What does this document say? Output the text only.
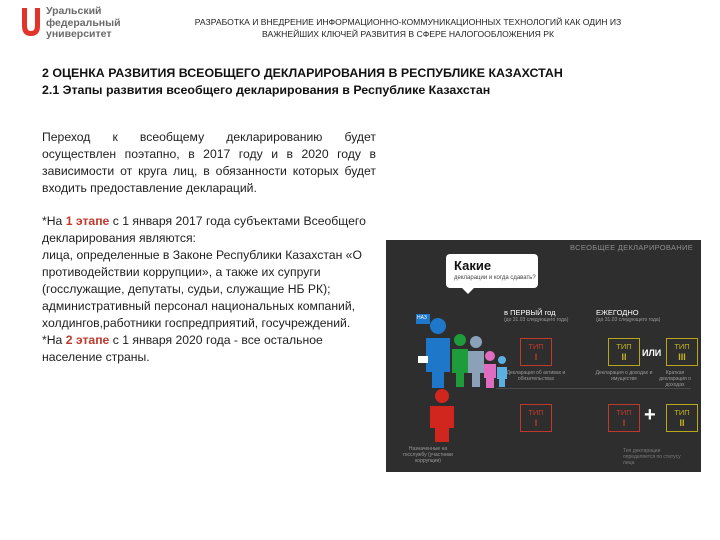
Уральский
федеральный
университет
РАЗРАБОТКА И ВНЕДРЕНИЕ ИНФОРМАЦИОННО-КОММУНИКАЦИОННЫХ ТЕХНОЛОГИЙ КАК ОДИН ИЗ
ВАЖНЕЙШИХ КЛЮЧЕЙ РАЗВИТИЯ В СФЕРЕ НАЛОГООБЛОЖЕНИЯ РК
2 ОЦЕНКА РАЗВИТИЯ ВСЕОБЩЕГО ДЕКЛАРИРОВАНИЯ В РЕСПУБЛИКЕ КАЗАХСТАН
2.1 Этапы развития всеобщего декларирования в Республике Казахстан
Переход к всеобщему декларированию будет осуществлен поэтапно, в 2017 году и в 2020 году в зависимости от круга лиц, в обязанности которых будет входить предоставление деклараций.
*На 1 этапе с 1 января 2017 года субъектами Всеобщего декларирования являются:
лица, определенные в Законе Республики Казахстан «О противодействии коррупции», а также их супруги (госслужащие, депутаты, судьи, служащие НБ РК);
административный персонал национальных компаний, холдингов,работники госпредприятий, госучреждений.
*На 2 этапе с 1 января 2020 года - все остальное население страны.
ВСЕОБЩЕЕ ДЕКЛАРИРОВАНИЕ
Какие
декларации и когда сдавать?
НАЗ
Назначенные на госслужбу (участники коррупции)
в ПЕРВЫЙ год
(до 31.03 следующего года)
ЕЖЕГОДНО
(до 31.03 следующего года)
ТИП
I
Декларация об активах и обязательствах
ТИП
II
Декларация о доходах и имуществе
ИЛИ
ТИП
III
Краткая декларация о доходах
ТИП
I
ТИП
I +	ТИП
II
Тип декларации определяется по статусу лица
